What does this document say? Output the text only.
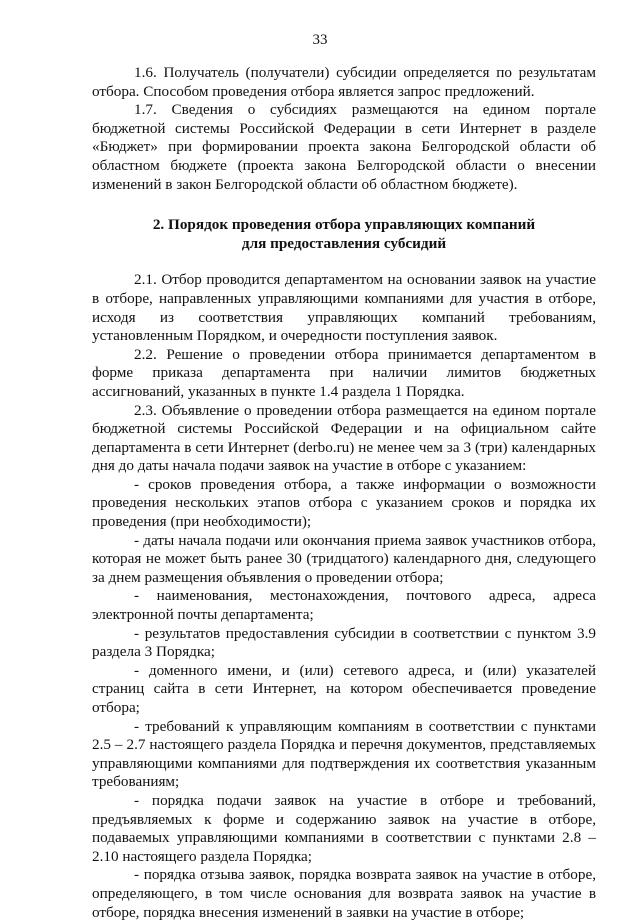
33

1.6. Получатель (получатели) субсидии определяется по результатам отбора. Способом проведения отбора является запрос предложений.

1.7. Сведения о субсидиях размещаются на едином портале бюджетной системы Российской Федерации в сети Интернет в разделе «Бюджет» при формировании проекта закона Белгородской области об областном бюджете (проекта закона Белгородской области о внесении изменений в закон Белгородской области об областном бюджете).

2. Порядок проведения отбора управляющих компаний
для предоставления субсидий

2.1. Отбор проводится департаментом на основании заявок на участие в отборе, направленных управляющими компаниями для участия в отборе, исходя из соответствия управляющих компаний требованиям, установленным Порядком, и очередности поступления заявок.

2.2. Решение о проведении отбора принимается департаментом в форме приказа департамента при наличии лимитов бюджетных ассигнований, указанных в пункте 1.4 раздела 1 Порядка.

2.3. Объявление о проведении отбора размещается на едином портале бюджетной системы Российской Федерации и на официальном сайте департамента в сети Интернет (derbo.ru) не менее чем за 3 (три) календарных дня до даты начала подачи заявок на участие в отборе с указанием:

- сроков проведения отбора, а также информации о возможности проведения нескольких этапов отбора с указанием сроков и порядка их проведения (при необходимости);

- даты начала подачи или окончания приема заявок участников отбора, которая не может быть ранее 30 (тридцатого) календарного дня, следующего за днем размещения объявления о проведении отбора;

- наименования, местонахождения, почтового адреса, адреса электронной почты департамента;

- результатов предоставления субсидии в соответствии с пунктом 3.9 раздела 3 Порядка;

- доменного имени, и (или) сетевого адреса, и (или) указателей страниц сайта в сети Интернет, на котором обеспечивается проведение отбора;

- требований к управляющим компаниям в соответствии с пунктами 2.5 – 2.7 настоящего раздела Порядка и перечня документов, представляемых управляющими компаниями для подтверждения их соответствия указанным требованиям;

- порядка подачи заявок на участие в отборе и требований, предъявляемых к форме и содержанию заявок на участие в отборе, подаваемых управляющими компаниями в соответствии с пунктами 2.8 – 2.10 настоящего раздела Порядка;

- порядка отзыва заявок, порядка возврата заявок на участие в отборе, определяющего, в том числе основания для возврата заявок на участие в отборе, порядка внесения изменений в заявки на участие в отборе;
